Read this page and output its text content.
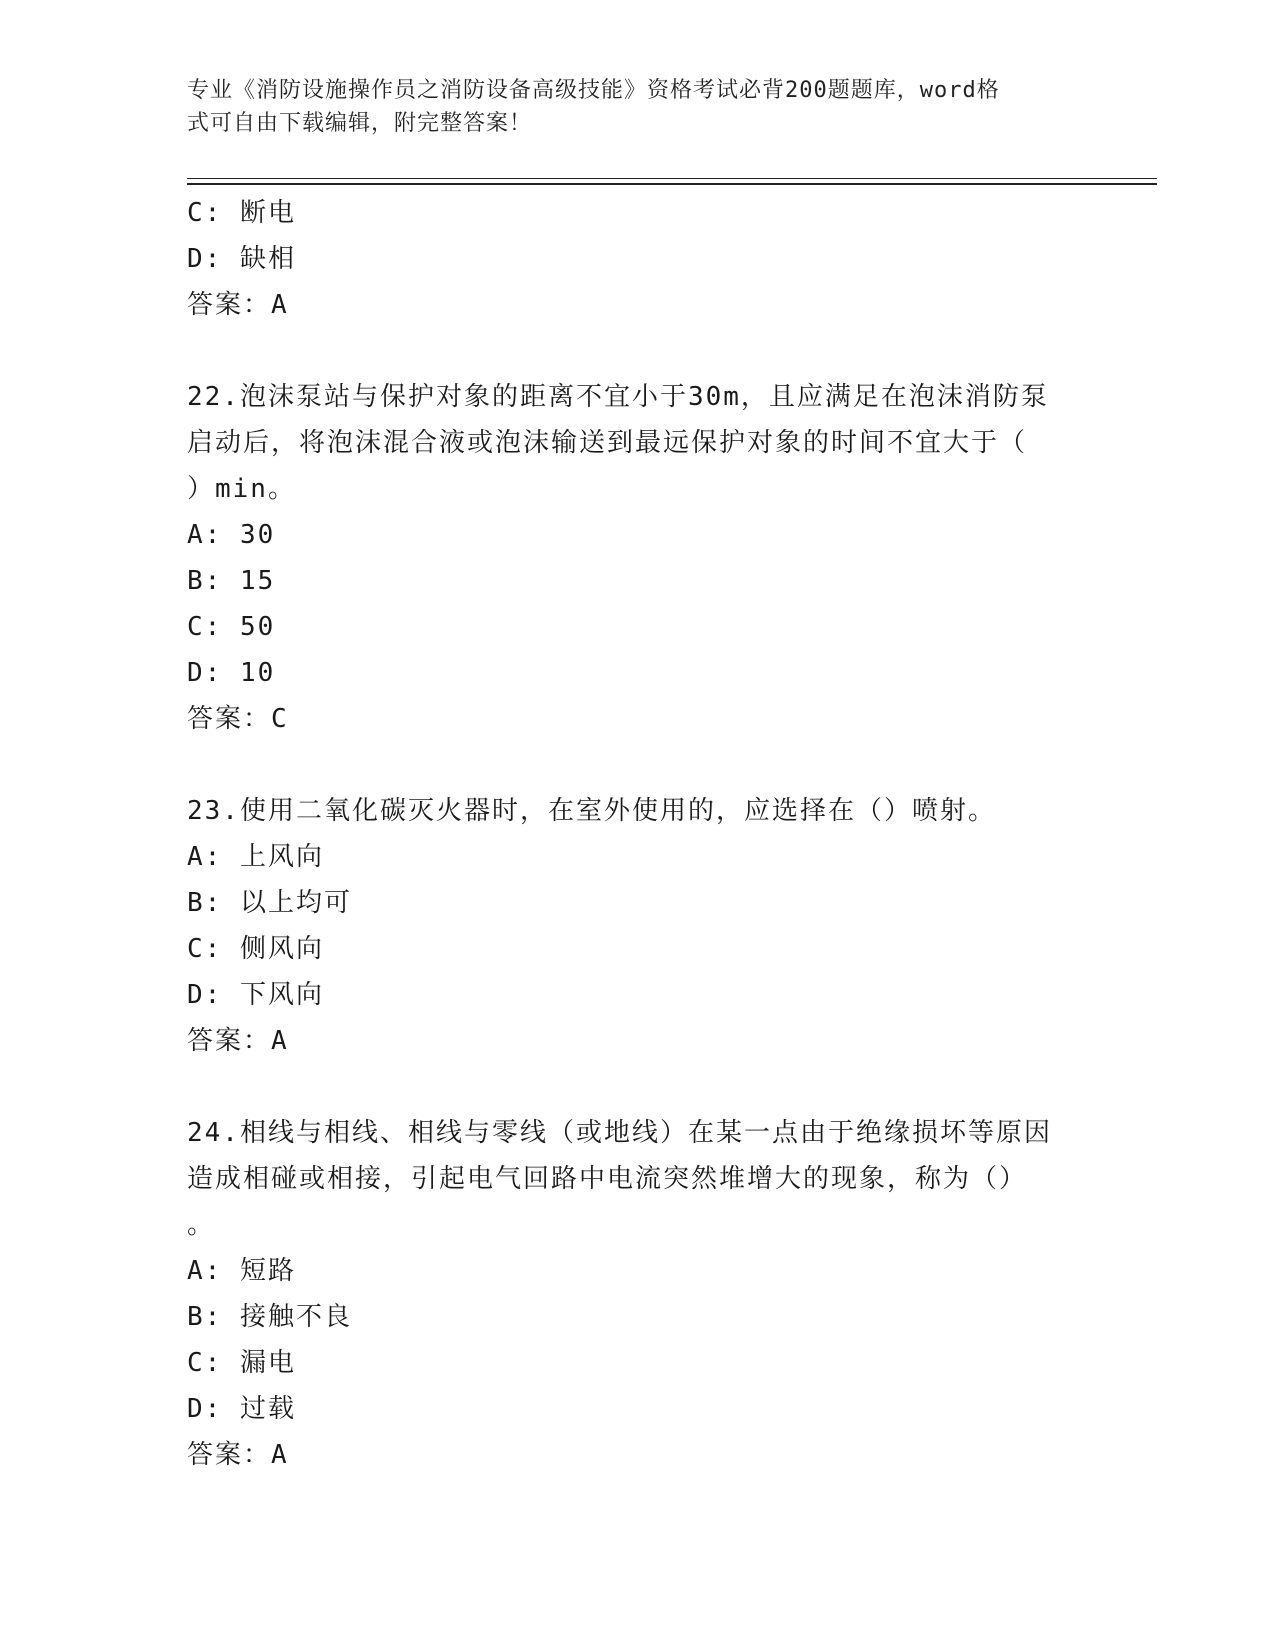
专业《消防设施操作员之消防设备高级技能》资格考试必背200题题库，word格
式可自由下载编辑，附完整答案！
C: 断电
D: 缺相
答案：A
22.泡沫泵站与保护对象的距离不宜小于30m，且应满足在泡沫消防泵
启动后，将泡沫混合液或泡沫输送到最远保护对象的时间不宜大于（
）min。
A: 30
B: 15
C: 50
D: 10
答案：C
23.使用二氧化碳灭火器时，在室外使用的，应选择在（）喷射。
A: 上风向
B: 以上均可
C: 侧风向
D: 下风向
答案：A
24.相线与相线、相线与零线（或地线）在某一点由于绝缘损坏等原因
造成相碰或相接，引起电气回路中电流突然堆增大的现象，称为（）
。
A: 短路
B: 接触不良
C: 漏电
D: 过载
答案：A
